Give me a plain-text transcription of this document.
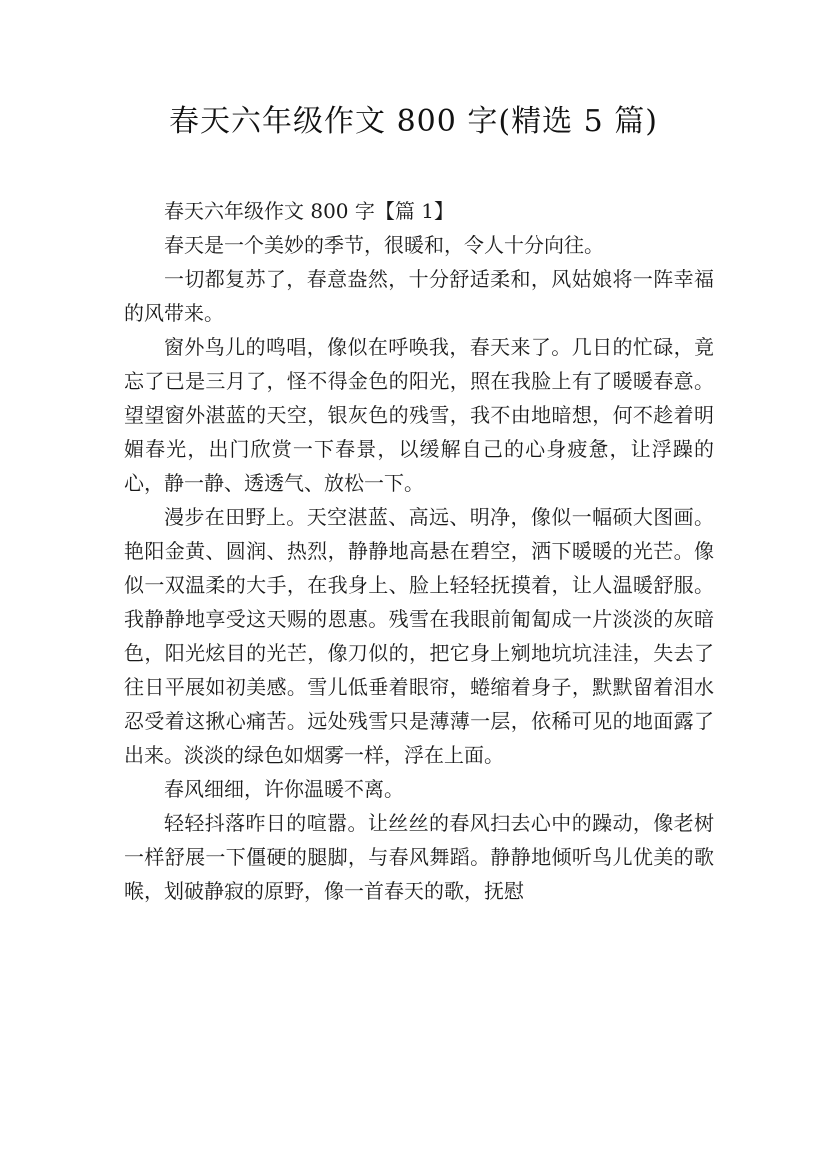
春天六年级作文 800 字(精选 5 篇)

春天六年级作文 800 字【篇 1】

春天是一个美妙的季节，很暖和，令人十分向往。

一切都复苏了，春意盎然，十分舒适柔和，风姑娘将一阵幸福的风带来。

窗外鸟儿的鸣唱，像似在呼唤我，春天来了。几日的忙碌，竟忘了已是三月了，怪不得金色的阳光，照在我脸上有了暖暖春意。望望窗外湛蓝的天空，银灰色的残雪，我不由地暗想，何不趁着明媚春光，出门欣赏一下春景，以缓解自己的心身疲惫，让浮躁的心，静一静、透透气、放松一下。

漫步在田野上。天空湛蓝、高远、明净，像似一幅硕大图画。艳阳金黄、圆润、热烈，静静地高悬在碧空，洒下暖暖的光芒。像似一双温柔的大手，在我身上、脸上轻轻抚摸着，让人温暖舒服。我静静地享受这天赐的恩惠。残雪在我眼前匍匐成一片淡淡的灰暗色，阳光炫目的光芒，像刀似的，把它身上剜地坑坑洼洼，失去了往日平展如初美感。雪儿低垂着眼帘，蜷缩着身子，默默留着泪水忍受着这揪心痛苦。远处残雪只是薄薄一层，依稀可见的地面露了出来。淡淡的绿色如烟雾一样，浮在上面。

春风细细，许你温暖不离。

轻轻抖落昨日的喧嚣。让丝丝的春风扫去心中的躁动，像老树一样舒展一下僵硬的腿脚，与春风舞蹈。静静地倾听鸟儿优美的歌喉，划破静寂的原野，像一首春天的歌，抚慰
